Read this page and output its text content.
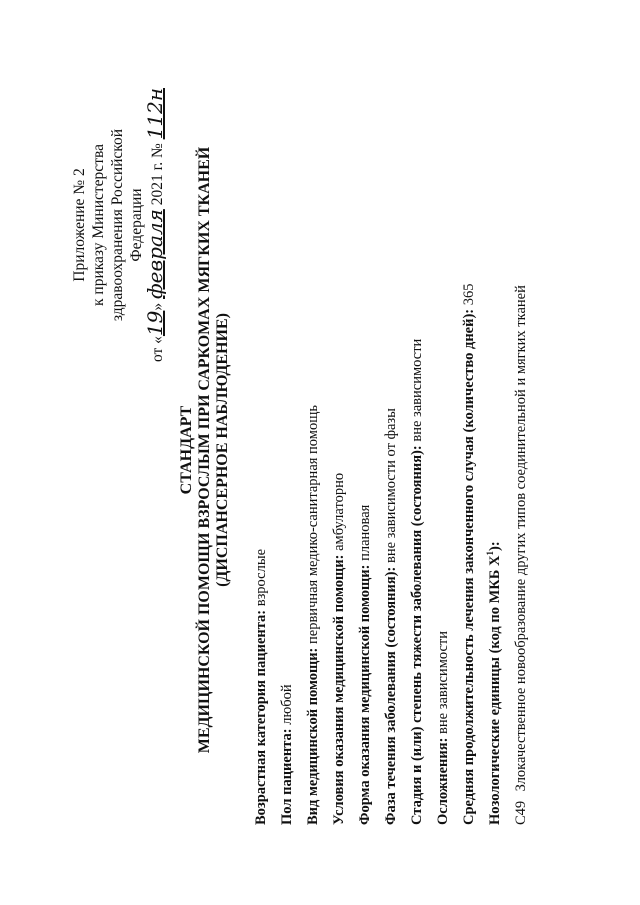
Приложение № 2 к приказу Министерства здравоохранения Российской Федерации
от «19» февраля 2021 г. № 112н
СТАНДАРТ МЕДИЦИНСКОЙ ПОМОЩИ ВЗРОСЛЫМ ПРИ САРКОМАХ МЯГКИХ ТКАНЕЙ (ДИСПАНСЕРНОЕ НАБЛЮДЕНИЕ)
Возрастная категория пациента: взрослые
Пол пациента: любой Вид медицинской помощи: первичная медико-санитарная помощь
Условия оказания медицинской помощи: амбулаторно
Форма оказания медицинской помощи: плановая
Фаза течения заболевания (состояния): вне зависимости от фазы Стадия и (или) степень тяжести заболевания (состояния): вне зависимости
Осложнения: вне зависимости Средняя продолжительность лечения законченного случая (количество дней): 365
Нозологические единицы (код по МКБ $X^1$):
C49 Злокачественное новообразование других типов соединительной и мягких тканей
